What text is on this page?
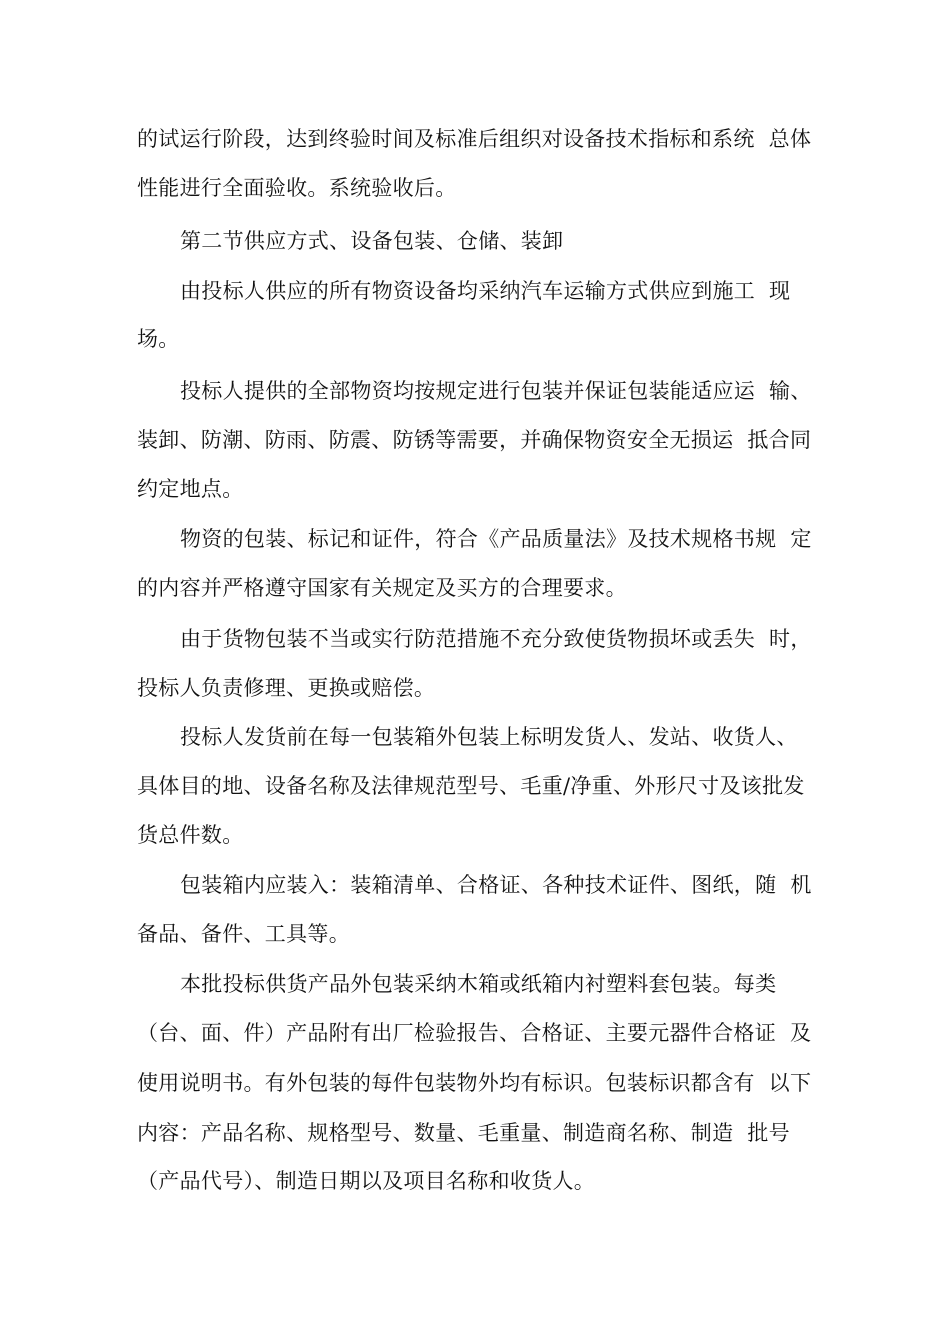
的试运行阶段，达到终验时间及标准后组织对设备技术指标和系统  总体
性能进行全面验收。系统验收后。
第二节供应方式、设备包装、仓储、装卸
由投标人供应的所有物资设备均采纳汽车运输方式供应到施工  现
场。
投标人提供的全部物资均按规定进行包装并保证包装能适应运  输、
装卸、防潮、防雨、防震、防锈等需要，并确保物资安全无损运  抵合同
约定地点。
物资的包装、标记和证件，符合《产品质量法》及技术规格书规  定
的内容并严格遵守国家有关规定及买方的合理要求。
由于货物包装不当或实行防范措施不充分致使货物损坏或丢失  时，
投标人负责修理、更换或赔偿。
投标人发货前在每一包装箱外包装上标明发货人、发站、收货人、
具体目的地、设备名称及法律规范型号、毛重/净重、外形尺寸及该批发
货总件数。
包装箱内应装入：装箱清单、合格证、各种技术证件、图纸，随  机
备品、备件、工具等。
本批投标供货产品外包装采纳木箱或纸箱内衬塑料套包装。每类
（台、面、件）产品附有出厂检验报告、合格证、主要元器件合格证  及
使用说明书。有外包装的每件包装物外均有标识。包装标识都含有  以下
内容：产品名称、规格型号、数量、毛重量、制造商名称、制造  批号
（产品代号）、制造日期以及项目名称和收货人。
